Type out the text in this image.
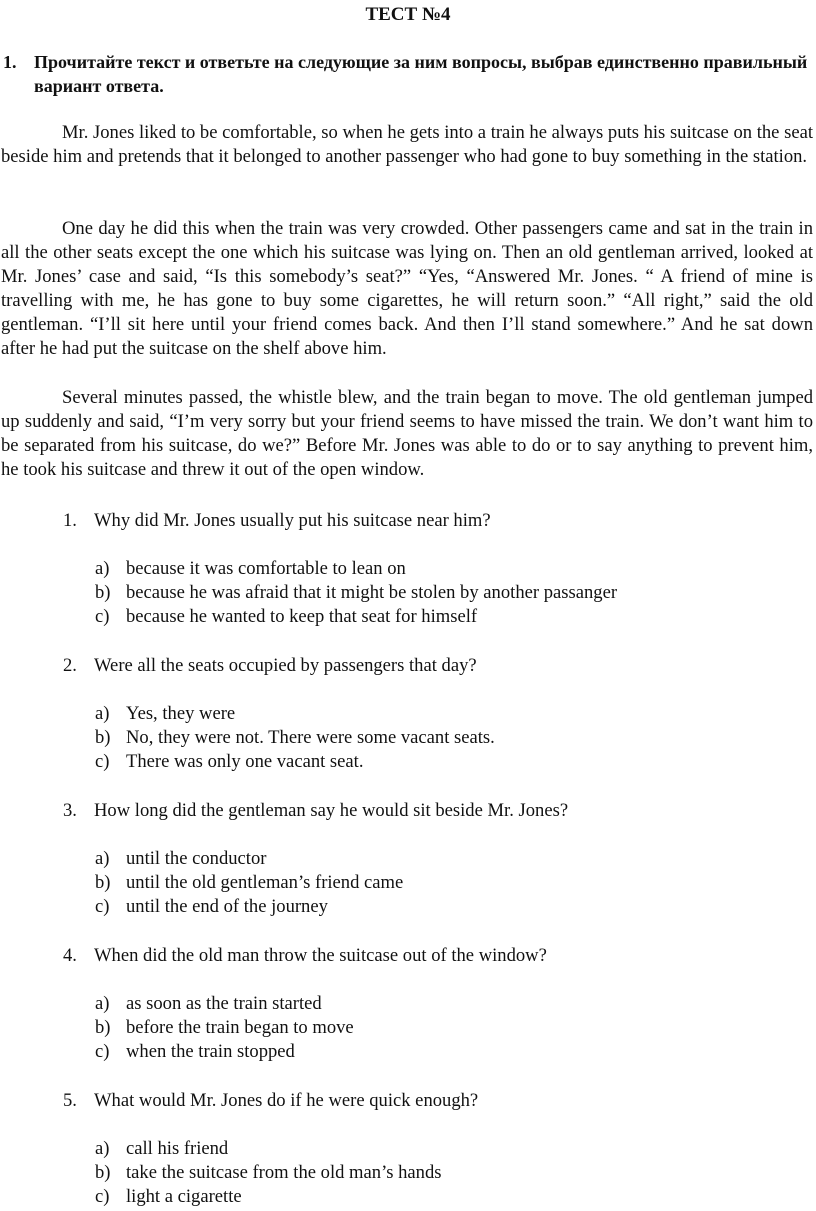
ТЕСТ №4
1. Прочитайте текст и ответьте на следующие за ним вопросы, выбрав единственно правильный вариант ответа.

Mr. Jones liked to be comfortable, so when he gets into a train he always puts his suitcase on the seat beside him and pretends that it belonged to another passenger who had gone to buy something in the station.

One day he did this when the train was very crowded. Other passengers came and sat in the train in all the other seats except the one which his suitcase was lying on. Then an old gentleman arrived, looked at Mr. Jones’ case and said, “Is this somebody’s seat?” “Yes, “Answered Mr. Jones. “ A friend of mine is travelling with me, he has gone to buy some cigarettes, he will return soon.” “All right,” said the old gentleman. “I’ll sit here until your friend comes back. And then I’ll stand somewhere.” And he sat down after he had put the suitcase on the shelf above him.

Several minutes passed, the whistle blew, and the train began to move. The old gentleman jumped up suddenly and said, “I’m very sorry but your friend seems to have missed the train. We don’t want him to be separated from his suitcase, do we?” Before Mr. Jones was able to do or to say anything to prevent him, he took his suitcase and threw it out of the open window.

1. Why did Mr. Jones usually put his suitcase near him?
a) because it was comfortable to lean on
b) because he was afraid that it might be stolen by another passanger
c) because he wanted to keep that seat for himself
2. Were all the seats occupied by passengers that day?
a) Yes, they were
b) No, they were not. There were some vacant seats.
c) There was only one vacant seat.
3. How long did the gentleman say he would sit beside Mr. Jones?
a) until the conductor
b) until the old gentleman’s friend came
c) until the end of the journey
4. When did the old man throw the suitcase out of the window?
a) as soon as the train started
b) before the train began to move
c) when the train stopped
5. What would Mr. Jones do if he were quick enough?
a) call his friend
b) take the suitcase from the old man’s hands
c) light a cigarette
